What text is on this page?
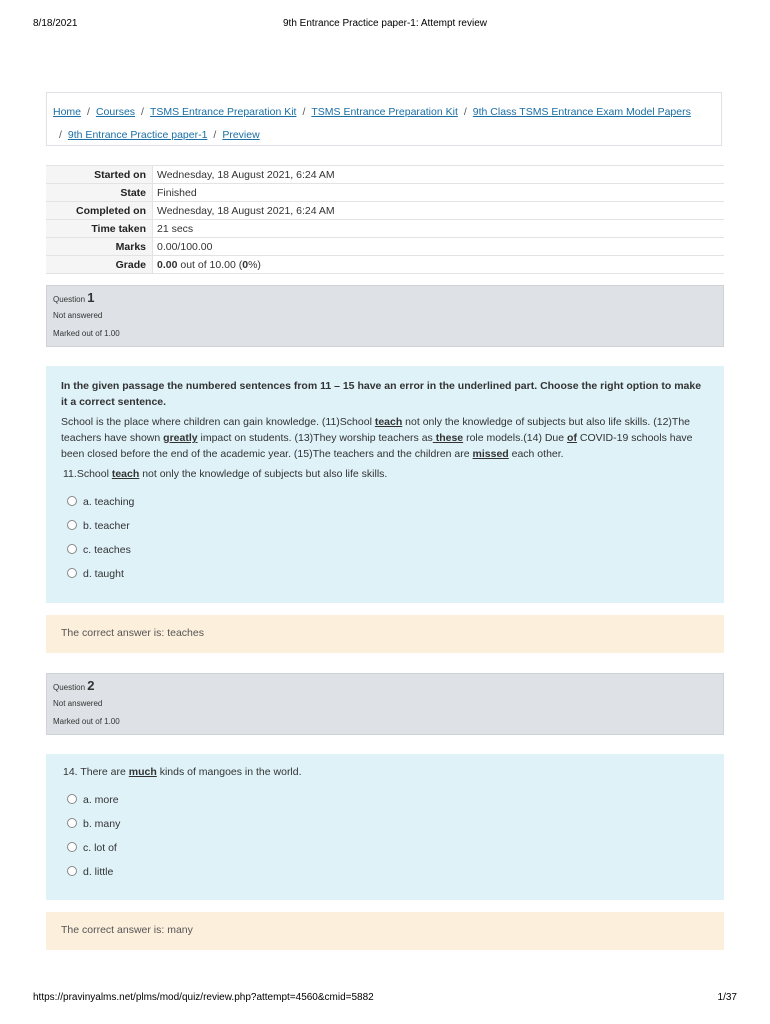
8/18/2021	9th Entrance Practice paper-1: Attempt review
Home / Courses / TSMS Entrance Preparation Kit / TSMS Entrance Preparation Kit / 9th Class TSMS Entrance Exam Model Papers
/ 9th Entrance Practice paper-1 / Preview
Started on	Wednesday, 18 August 2021, 6:24 AM
State	Finished
Completed on	Wednesday, 18 August 2021, 6:24 AM
Time taken	21 secs
Marks	0.00/100.00
Grade	0.00 out of 10.00 (0%)
Question 1
Not answered
Marked out of 1.00
In the given passage the numbered sentences from 11 – 15 have an error in the underlined part. Choose the right option to make it a correct sentence.
School is the place where children can gain knowledge. (11)School teach not only the knowledge of subjects but also life skills. (12)The teachers have shown greatly impact on students. (13)They worship teachers as these role models.(14) Due of COVID-19 schools have been closed before the end of the academic year. (15)The teachers and the children are missed each other.
11.School teach not only the knowledge of subjects but also life skills.
a. teaching
b. teacher
c. teaches
d. taught
The correct answer is: teaches
Question 2
Not answered
Marked out of 1.00
14. There are much kinds of mangoes in the world.
a. more
b. many
c. lot of
d. little
The correct answer is: many
https://pravinyalms.net/plms/mod/quiz/review.php?attempt=4560&cmid=5882	1/37
